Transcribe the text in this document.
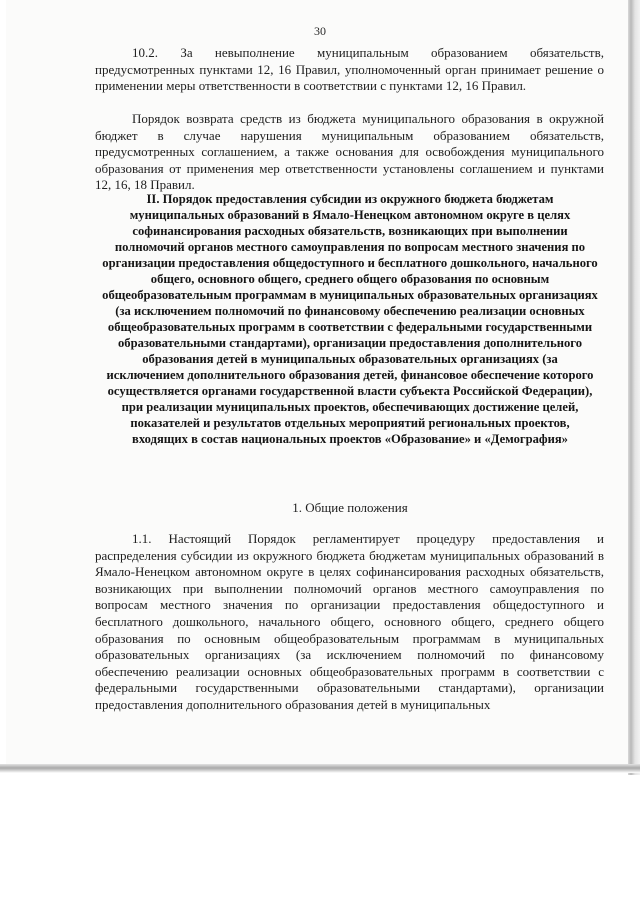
30

10.2. За невыполнение муниципальным образованием обязательств, предусмотренных пунктами 12, 16 Правил, уполномоченный орган принимает решение о применении меры ответственности в соответствии с пунктами 12, 16 Правил.

Порядок возврата средств из бюджета муниципального образования в окружной бюджет в случае нарушения муниципальным образованием обязательств, предусмотренных соглашением, а также основания для освобождения муниципального образования от применения мер ответственности установлены соглашением и пунктами 12, 16, 18 Правил.

II. Порядок предоставления субсидии из окружного бюджета бюджетам муниципальных образований в Ямало-Ненецком автономном округе в целях софинансирования расходных обязательств, возникающих при выполнении полномочий органов местного самоуправления по вопросам местного значения по организации предоставления общедоступного и бесплатного дошкольного, начального общего, основного общего, среднего общего образования по основным общеобразовательным программам в муниципальных образовательных организациях (за исключением полномочий по финансовому обеспечению реализации основных общеобразовательных программ в соответствии с федеральными государственными образовательными стандартами), организации предоставления дополнительного образования детей в муниципальных образовательных организациях (за исключением дополнительного образования детей, финансовое обеспечение которого осуществляется органами государственной власти субъекта Российской Федерации), при реализации муниципальных проектов, обеспечивающих достижение целей, показателей и результатов отдельных мероприятий региональных проектов, входящих в состав национальных проектов «Образование» и «Демография»

1. Общие положения

1.1. Настоящий Порядок регламентирует процедуру предоставления и распределения субсидии из окружного бюджета бюджетам муниципальных образований в Ямало-Ненецком автономном округе в целях софинансирования расходных обязательств, возникающих при выполнении полномочий органов местного самоуправления по вопросам местного значения по организации предоставления общедоступного и бесплатного дошкольного, начального общего, основного общего, среднего общего образования по основным общеобразовательным программам в муниципальных образовательных организациях (за исключением полномочий по финансовому обеспечению реализации основных общеобразовательных программ в соответствии с федеральными государственными образовательными стандартами), организации предоставления дополнительного образования детей в муниципальных
